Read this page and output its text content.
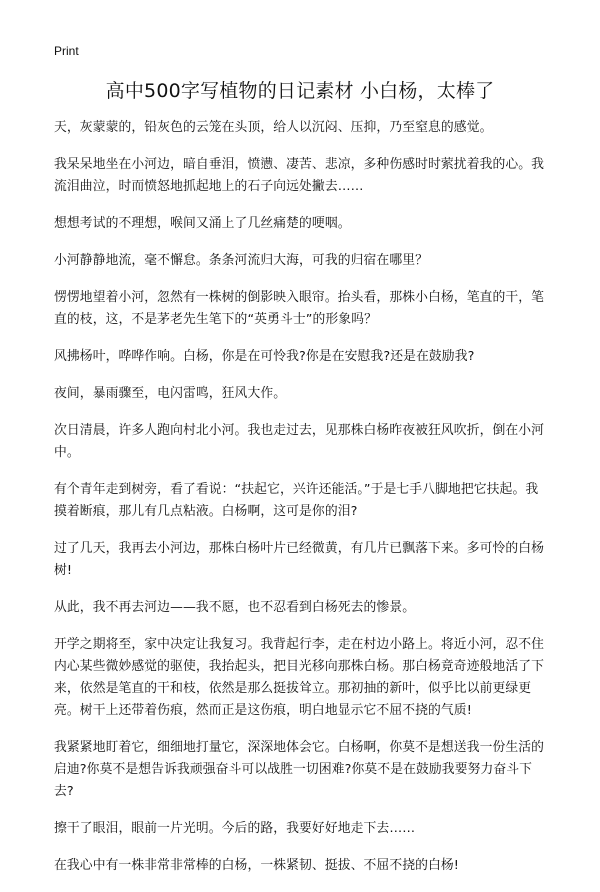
Print
高中500字写植物的日记素材 小白杨，太棒了

天，灰蒙蒙的，铅灰色的云笼在头顶，给人以沉闷、压抑，乃至窒息的感觉。

我呆呆地坐在小河边，暗自垂泪，愤懑、凄苦、悲凉，多种伤感时时萦扰着我的心。我流泪曲泣，时而愤怒地抓起地上的石子向远处撇去……

想想考试的不理想，喉间又涌上了几丝痛楚的哽咽。

小河静静地流，毫不懈怠。条条河流归大海，可我的归宿在哪里？

愣愣地望着小河，忽然有一株树的倒影映入眼帘。抬头看，那株小白杨，笔直的干，笔直的枝，这，不是茅老先生笔下的“英勇斗士”的形象吗？

风拂杨叶，哗哗作响。白杨，你是在可怜我?你是在安慰我?还是在鼓励我?

夜间，暴雨骤至，电闪雷鸣，狂风大作。

次日清晨，许多人跑向村北小河。我也走过去，见那株白杨昨夜被狂风吹折，倒在小河中。

有个青年走到树旁，看了看说：“扶起它，兴许还能活。”于是七手八脚地把它扶起。我摸着断痕，那儿有几点粘液。白杨啊，这可是你的泪?

过了几天，我再去小河边，那株白杨叶片已经微黄，有几片已飘落下来。多可怜的白杨树!

从此，我不再去河边——我不愿，也不忍看到白杨死去的惨景。

开学之期将至，家中决定让我复习。我背起行李，走在村边小路上。将近小河，忍不住内心某些微妙感觉的驱使，我抬起头，把目光移向那株白杨。那白杨竟奇迹般地活了下来，依然是笔直的干和枝，依然是那么挺拔耸立。那初抽的新叶，似乎比以前更绿更亮。树干上还带着伤痕，然而正是这伤痕，明白地显示它不屈不挠的气质!

我紧紧地盯着它，细细地打量它，深深地体会它。白杨啊，你莫不是想送我一份生活的启迪?你莫不是想告诉我顽强奋斗可以战胜一切困难?你莫不是在鼓励我要努力奋斗下去?

擦干了眼泪，眼前一片光明。今后的路，我要好好地走下去……

在我心中有一株非常非常棒的白杨，一株紧韧、挺拔、不屈不挠的白杨!
